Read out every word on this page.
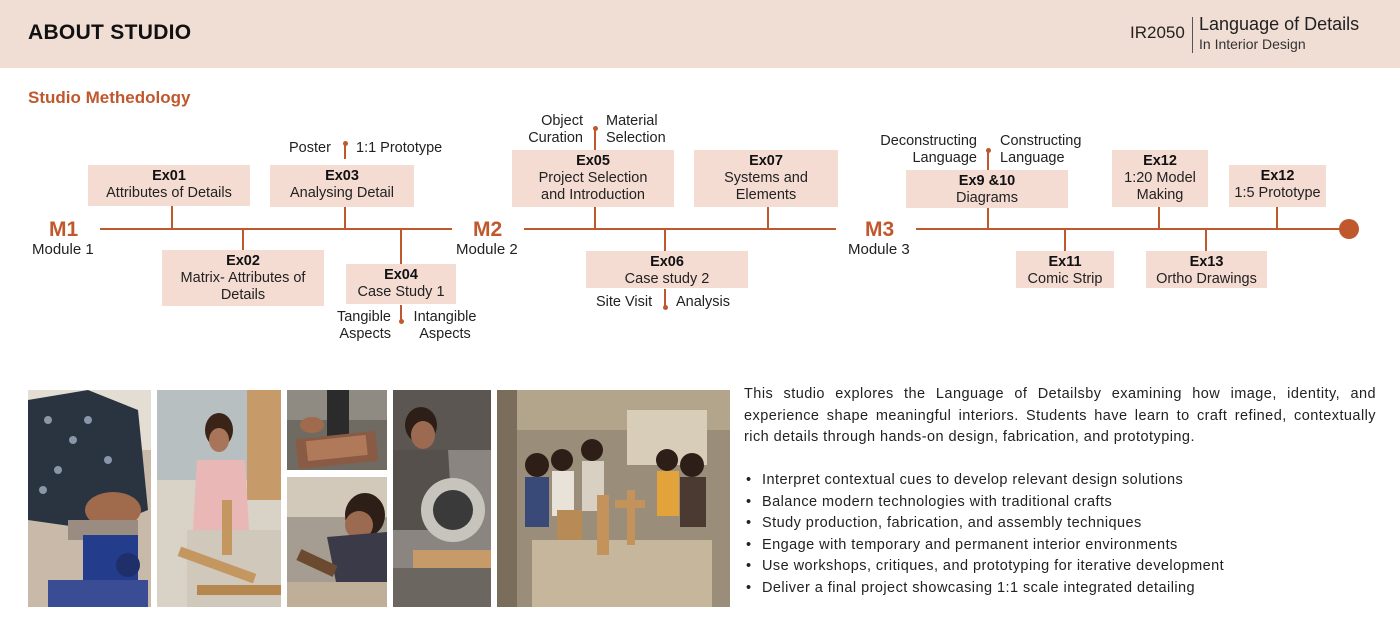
ABOUT STUDIO	IR2050 Language of Details
In Interior Design
Studio Methedology
M1
Module 1
M2
Module 2
M3
Module 3
Ex01
Attributes of Details
Ex02
Matrix- Attributes of
Details
Ex03
Analysing Detail
Ex04
Case Study 1
Ex05
Project Selection
and Introduction
Ex06
Case study 2
Ex07
Systems and
Elements
Ex9 &10
Diagrams
Ex11
Comic Strip
Ex12
1:20 Model
Making
Ex13
Ortho Drawings
Ex12
1:5 Prototype
Poster 1:1 Prototype
Tangible
Aspects
Intangible
Aspects
Object
Curation
Material
Selection
Site Visit Analysis
Deconstructing
Language
Constructing
Language
This studio explores the Language of Detailsby examining how image, identity, and experience shape meaningful interiors. Students have learn to craft refined, contextually rich details through hands-on design, fabrication, and prototyping.
• Interpret contextual cues to develop relevant design solutions
• Balance modern technologies with traditional crafts
• Study production, fabrication, and assembly techniques
• Engage with temporary and permanent interior environments
• Use workshops, critiques, and prototyping for iterative development
• Deliver a final project showcasing 1:1 scale integrated detailing
